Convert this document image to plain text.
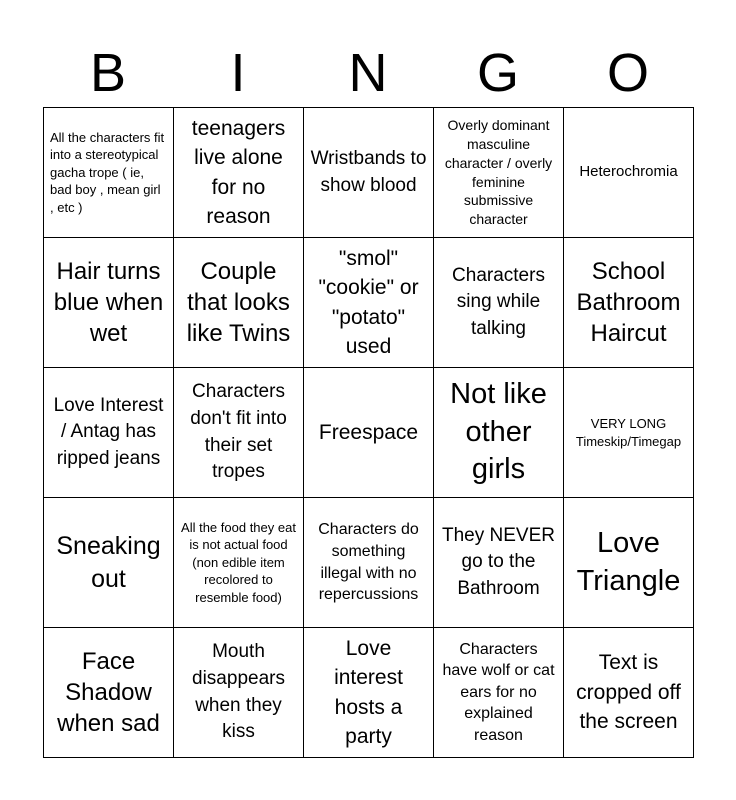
B	I	N	G	O
All the characters fit into a stereotypical gacha trope ( ie, bad boy , mean girl , etc )	teenagers live alone for no reason	Wristbands to show blood	Overly dominant masculine character / overly feminine submissive character	Heterochromia

Hair turns blue when wet	Couple that looks like Twins	"smol" "cookie" or "potato" used	Characters sing while talking	School Bathroom Haircut

Love Interest / Antag has ripped jeans	Characters don't fit into their set tropes	Freespace	Not like other girls	VERY LONG Timeskip/Timegap

Sneaking out	All the food they eat is not actual food (non edible item recolored to resemble food)	Characters do something illegal with no repercussions	They NEVER go to the Bathroom	Love Triangle

Face Shadow when sad	Mouth disappears when they kiss	Love interest hosts a party	Characters have wolf or cat ears for no explained reason	Text is cropped off the screen
